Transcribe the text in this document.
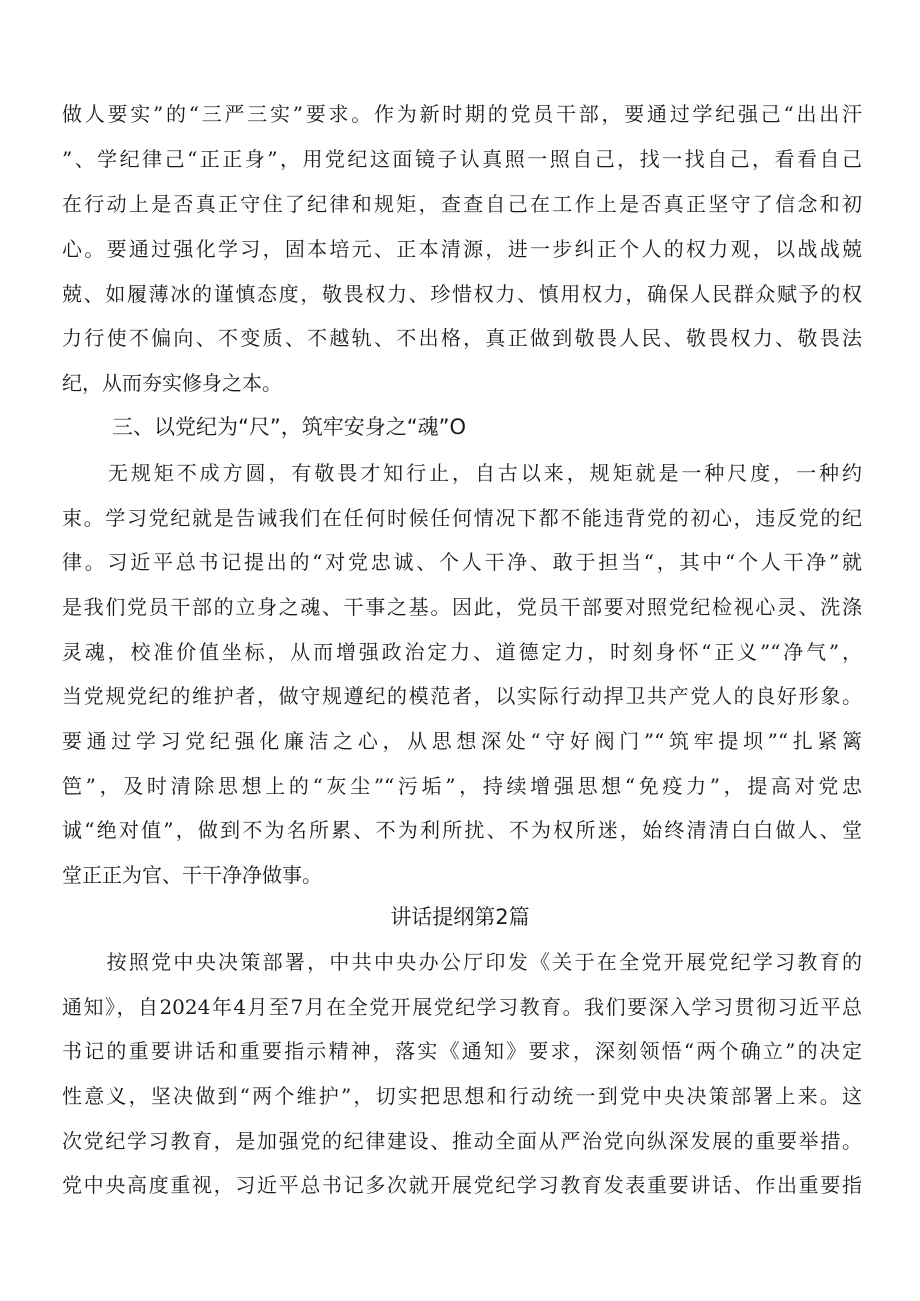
做人要实”的“三严三实”要求。作为新时期的党员干部，要通过学纪强己“出出汗
”、学纪律己“正正身”，用党纪这面镜子认真照一照自己，找一找自己，看看自己
在行动上是否真正守住了纪律和规矩，查查自己在工作上是否真正坚守了信念和初
心。要通过强化学习，固本培元、正本清源，进一步纠正个人的权力观，以战战兢
兢、如履薄冰的谨慎态度，敬畏权力、珍惜权力、慎用权力，确保人民群众赋予的权
力行使不偏向、不变质、不越轨、不出格，真正做到敬畏人民、敬畏权力、敬畏法
纪，从而夯实修身之本。
三、以党纪为“尺”，筑牢安身之“魂”O
　　无规矩不成方圆，有敬畏才知行止，自古以来，规矩就是一种尺度，一种约
束。学习党纪就是告诫我们在任何时候任何情况下都不能违背党的初心，违反党的纪
律。习近平总书记提出的“对党忠诚、个人干净、敢于担当“，其中“个人干净”就
是我们党员干部的立身之魂、干事之基。因此，党员干部要对照党纪检视心灵、洗涤
灵魂，校准价值坐标，从而增强政治定力、道德定力，时刻身怀“正义”“净气”，
当党规党纪的维护者，做守规遵纪的模范者，以实际行动捍卫共产党人的良好形象。
要通过学习党纪强化廉洁之心，从思想深处“守好阀门”“筑牢提坝”“扎紧篱
笆”，及时清除思想上的“灰尘”“污垢”，持续增强思想“免疫力”，提高对党忠
诚“绝对值”，做到不为名所累、不为利所扰、不为权所迷，始终清清白白做人、堂
堂正正为官、干干净净做事。
讲话提纲第2篇
　　按照党中央决策部署，中共中央办公厅印发《关于在全党开展党纪学习教育的
通知》，自2024年4月至7月在全党开展党纪学习教育。我们要深入学习贯彻习近平总
书记的重要讲话和重要指示精神，落实《通知》要求，深刻领悟“两个确立”的决定
性意义，坚决做到“两个维护”，切实把思想和行动统一到党中央决策部署上来。这
次党纪学习教育，是加强党的纪律建设、推动全面从严治党向纵深发展的重要举措。
党中央高度重视，习近平总书记多次就开展党纪学习教育发表重要讲话、作出重要指
